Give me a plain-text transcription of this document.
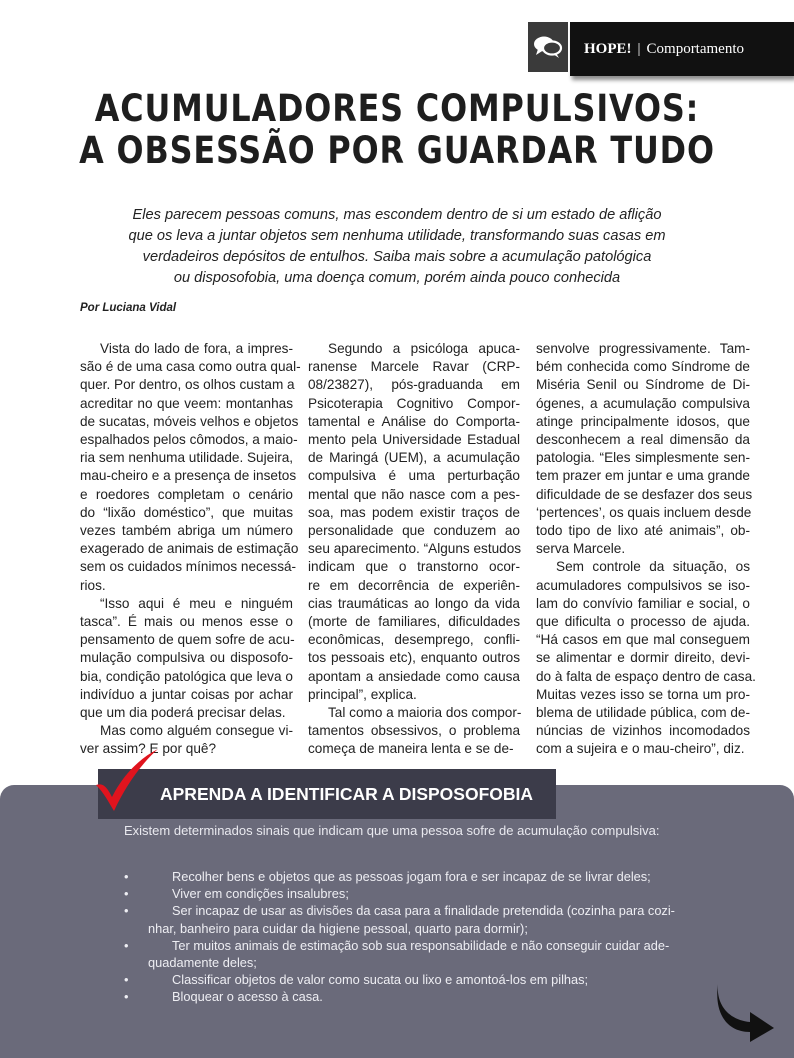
HOPE! | Comportamento
ACUMULADORES COMPULSIVOS:
A OBSESSÃO POR GUARDAR TUDO
Eles parecem pessoas comuns, mas escondem dentro de si um estado de aflição
que os leva a juntar objetos sem nenhuma utilidade, transformando suas casas em
verdadeiros depósitos de entulhos. Saiba mais sobre a acumulação patológica
ou disposofobia, uma doença comum, porém ainda pouco conhecida
Por Luciana Vidal
Vista do lado de fora, a impres-
são é de uma casa como outra qual-
quer. Por dentro, os olhos custam a
acreditar no que veem: montanhas
de sucatas, móveis velhos e objetos
espalhados pelos cômodos, a maio-
ria sem nenhuma utilidade. Sujeira,
mau-cheiro e a presença de insetos
e roedores completam o cenário
do “lixão doméstico”, que muitas
vezes também abriga um número
exagerado de animais de estimação
sem os cuidados mínimos necessá-
rios.
“Isso aqui é meu e ninguém
tasca”. É mais ou menos esse o
pensamento de quem sofre de acu-
mulação compulsiva ou disposofo-
bia, condição patológica que leva o
indivíduo a juntar coisas por achar
que um dia poderá precisar delas.
Mas como alguém consegue vi-
ver assim? E por quê?
Segundo a psicóloga apuca-
ranense Marcele Ravar (CRP-
08/23827), pós-graduanda em
Psicoterapia Cognitivo Compor-
tamental e Análise do Comporta-
mento pela Universidade Estadual
de Maringá (UEM), a acumulação
compulsiva é uma perturbação
mental que não nasce com a pes-
soa, mas podem existir traços de
personalidade que conduzem ao
seu aparecimento. “Alguns estudos
indicam que o transtorno ocor-
re em decorrência de experiên-
cias traumáticas ao longo da vida
(morte de familiares, dificuldades
econômicas, desemprego, confli-
tos pessoais etc), enquanto outros
apontam a ansiedade como causa
principal”, explica.
Tal como a maioria dos compor-
tamentos obsessivos, o problema
começa de maneira lenta e se de-
senvolve progressivamente. Tam-
bém conhecida como Síndrome de
Miséria Senil ou Síndrome de Di-
ógenes, a acumulação compulsiva
atinge principalmente idosos, que
desconhecem a real dimensão da
patologia. “Eles simplesmente sen-
tem prazer em juntar e uma grande
dificuldade de se desfazer dos seus
‘pertences’, os quais incluem desde
todo tipo de lixo até animais”, ob-
serva Marcele.
Sem controle da situação, os
acumuladores compulsivos se iso-
lam do convívio familiar e social, o
que dificulta o processo de ajuda.
“Há casos em que mal conseguem
se alimentar e dormir direito, devi-
do à falta de espaço dentro de casa.
Muitas vezes isso se torna um pro-
blema de utilidade pública, com de-
núncias de vizinhos incomodados
com a sujeira e o mau-cheiro”, diz.
APRENDA A IDENTIFICAR A DISPOSOFOBIA
Existem determinados sinais que indicam que uma pessoa sofre de acumulação compulsiva:
•	Recolher bens e objetos que as pessoas jogam fora e ser incapaz de se livrar deles;
•	Viver em condições insalubres;
•	Ser incapaz de usar as divisões da casa para a finalidade pretendida (cozinha para cozi-
nhar, banheiro para cuidar da higiene pessoal, quarto para dormir);
•	Ter muitos animais de estimação sob sua responsabilidade e não conseguir cuidar ade-
quadamente deles;
•	Classificar objetos de valor como sucata ou lixo e amontoá-los em pilhas;
•	Bloquear o acesso à casa.
